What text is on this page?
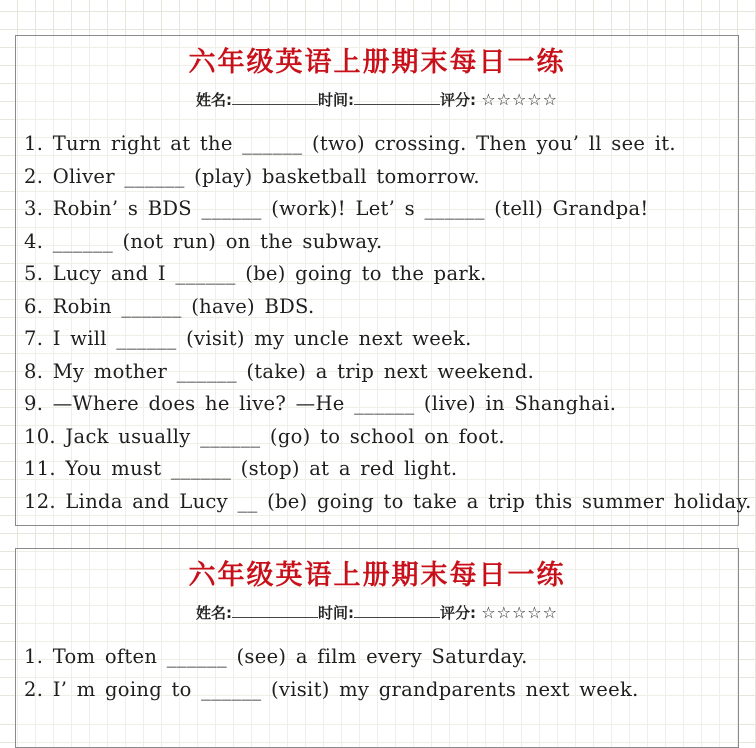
六年级英语上册期末每日一练
姓名:	时间:	评分: ☆☆☆☆☆
1. Turn right at the ______ (two) crossing. Then you’ ll see it.
2. Oliver ______ (play) basketball tomorrow.
3. Robin’ s BDS ______ (work)! Let’ s ______ (tell) Grandpa!
4. ______ (not run) on the subway.
5. Lucy and I ______ (be) going to the park.
6. Robin ______ (have) BDS.
7. I will ______ (visit) my uncle next week.
8. My mother ______ (take) a trip next weekend.
9. —Where does he live? —He ______ (live) in Shanghai.
10. Jack usually ______ (go) to school on foot.
11. You must ______ (stop) at a red light.
12. Linda and Lucy __ (be) going to take a trip this summer holiday.
六年级英语上册期末每日一练
姓名:	时间:	评分: ☆☆☆☆☆
1. Tom often ______ (see) a film every Saturday.
2. I’ m going to ______ (visit) my grandparents next week.
